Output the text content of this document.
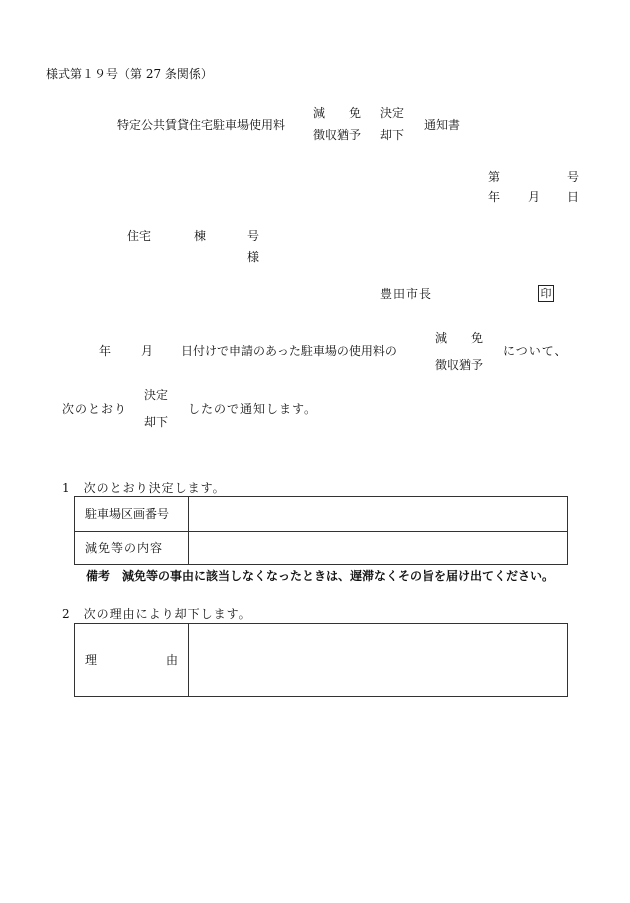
様式第１９号（第 27 条関係）
特定公共賃貸住宅駐車場使用料
減　　免
徴収猶予
決定
却下
通知書
第	号
年 月 日
住宅	棟	号
様
豊田市長	印
年 月 日付けで申請のあった駐車場の使用料の
減　　免
徴収猶予
について、
次のとおり
決定
却下
したので通知します。
1　次のとおり決定します。
駐車場区画番号	
減免等の内容	
備考　減免等の事由に該当しなくなったときは、遅滞なくその旨を届け出てください。
2　次の理由により却下します。
理	由
